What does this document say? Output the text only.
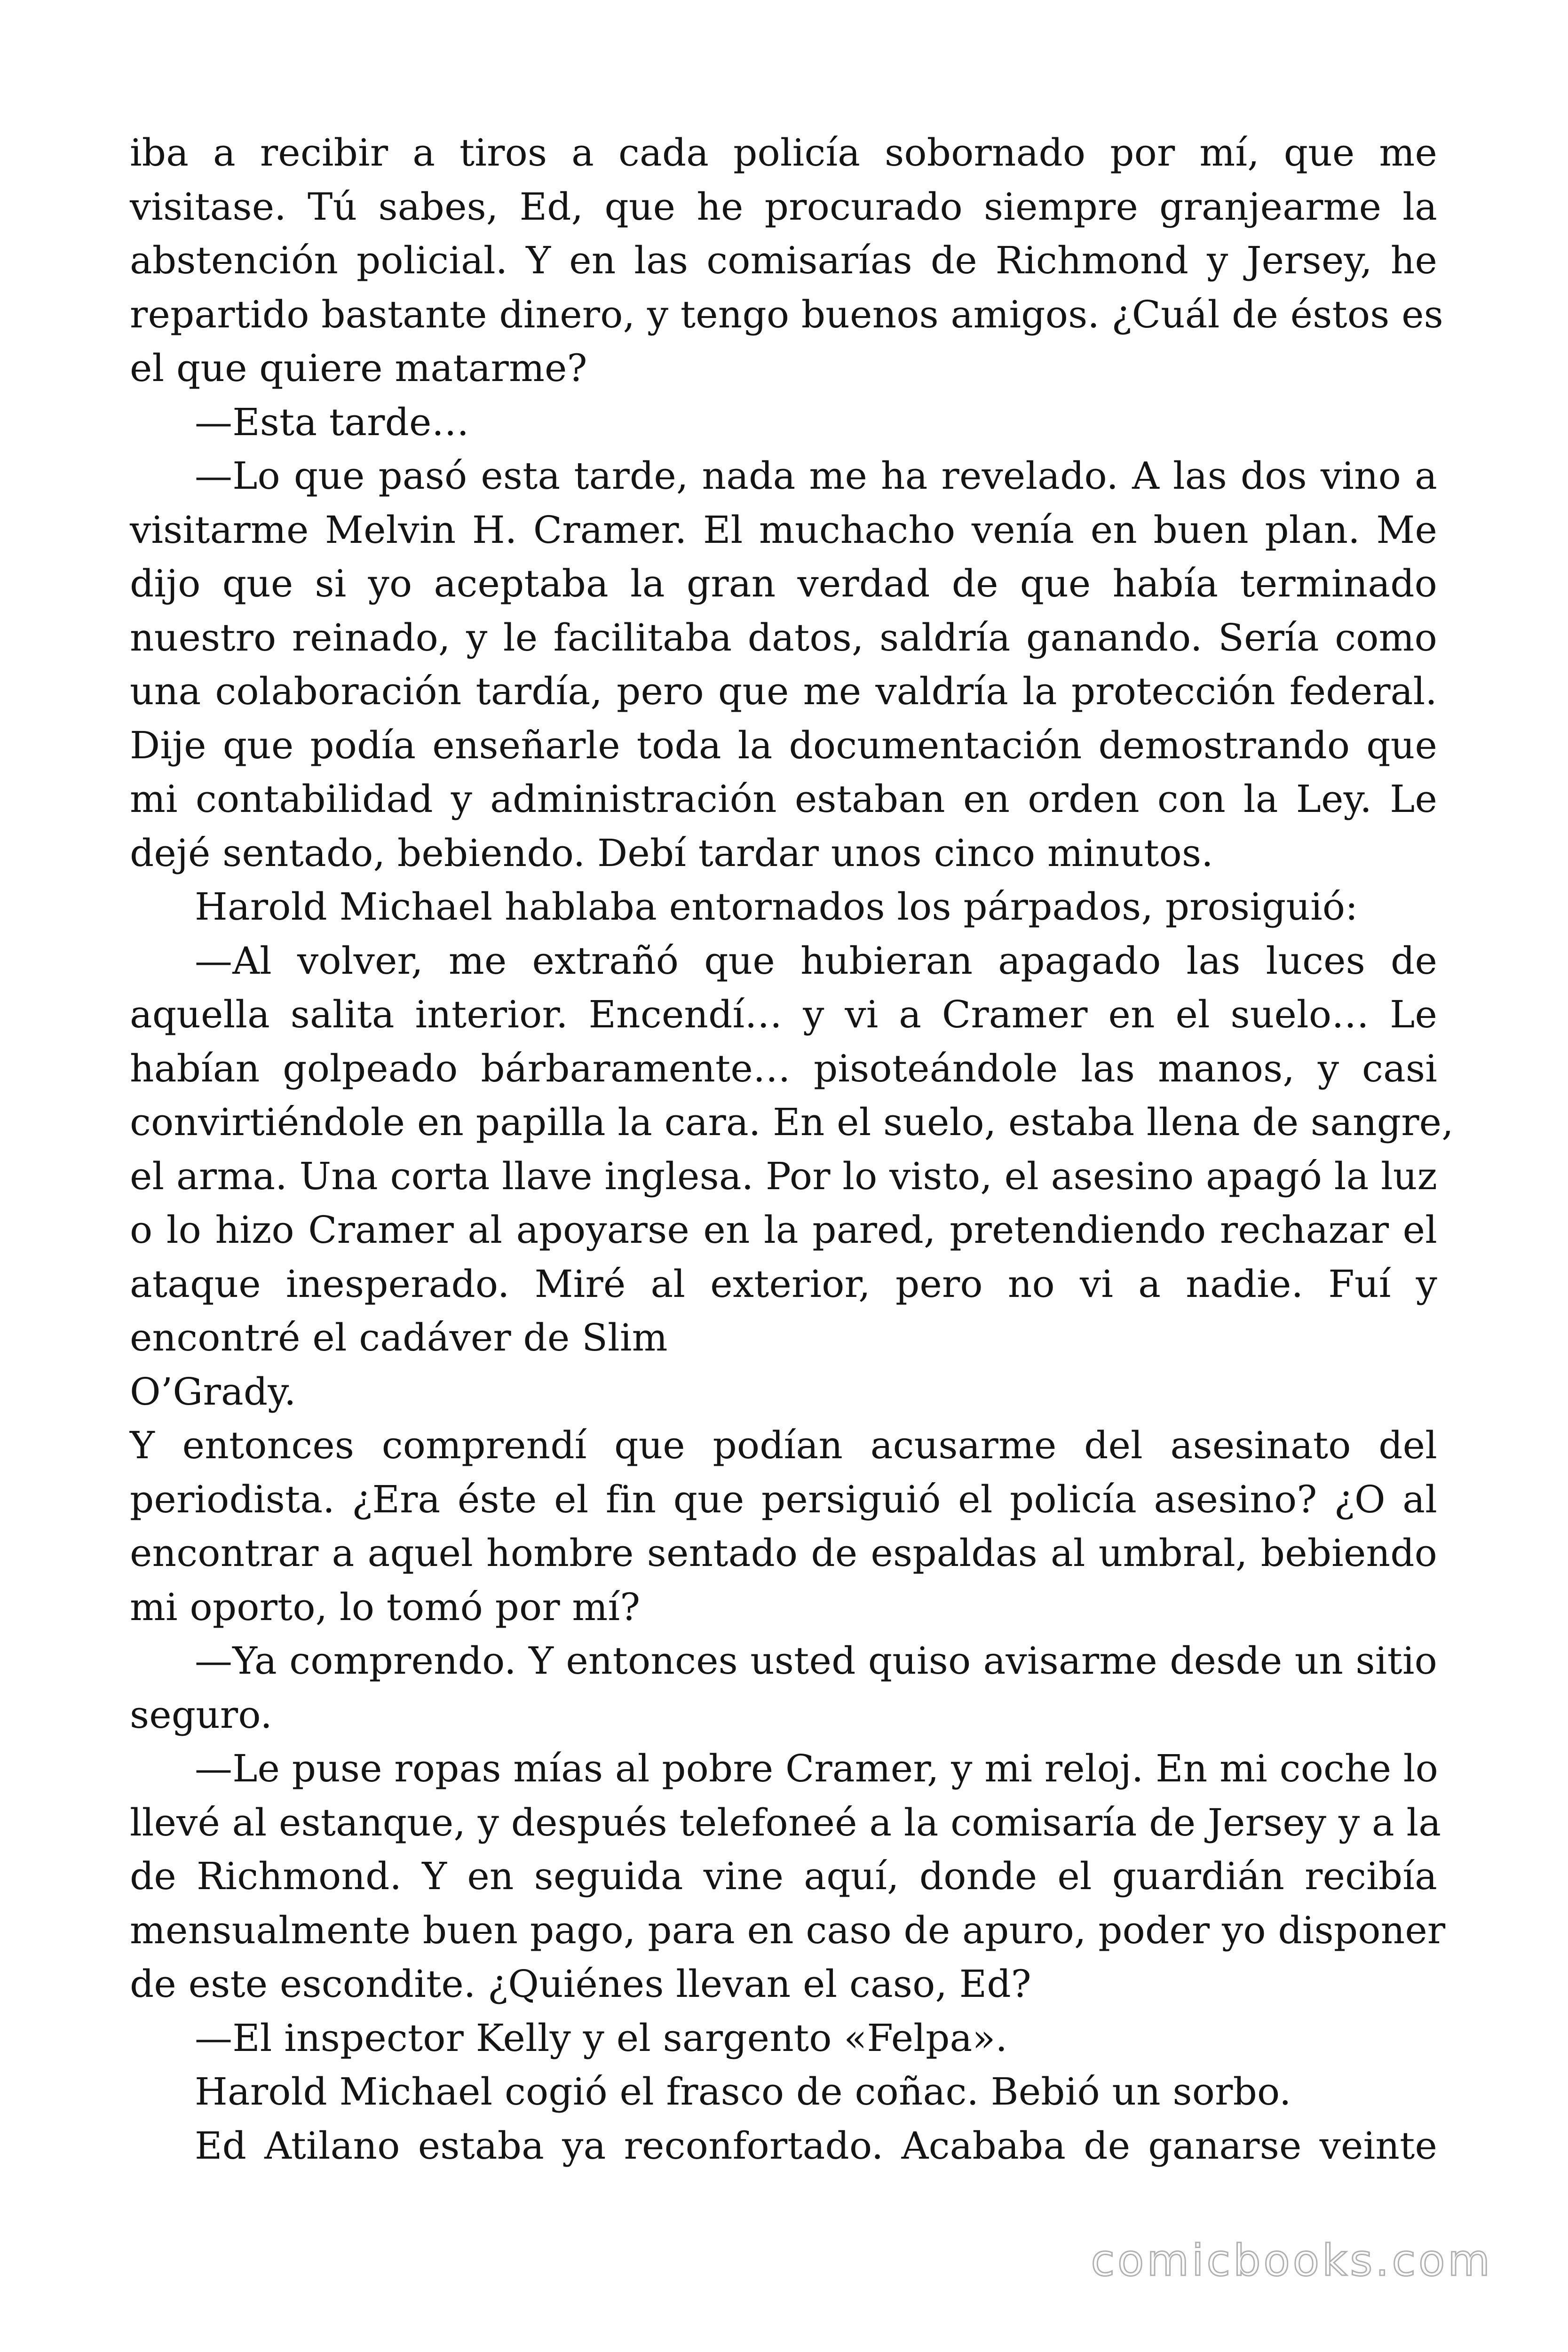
iba a recibir a tiros a cada policía sobornado por mí, que me
visitase. Tú sabes, Ed, que he procurado siempre granjearme la
abstención policial. Y en las comisarías de Richmond y Jersey, he
repartido bastante dinero, y tengo buenos amigos. ¿Cuál de éstos es
el que quiere matarme?
—Esta tarde…
—Lo que pasó esta tarde, nada me ha revelado. A las dos vino a
visitarme Melvin H. Cramer. El muchacho venía en buen plan. Me
dijo que si yo aceptaba la gran verdad de que había terminado
nuestro reinado, y le facilitaba datos, saldría ganando. Sería como
una colaboración tardía, pero que me valdría la protección federal.
Dije que podía enseñarle toda la documentación demostrando que
mi contabilidad y administración estaban en orden con la Ley. Le
dejé sentado, bebiendo. Debí tardar unos cinco minutos.
Harold Michael hablaba entornados los párpados, prosiguió:
—Al volver, me extrañó que hubieran apagado las luces de
aquella salita interior. Encendí… y vi a Cramer en el suelo… Le
habían golpeado bárbaramente… pisoteándole las manos, y casi
convirtiéndole en papilla la cara. En el suelo, estaba llena de sangre,
el arma. Una corta llave inglesa. Por lo visto, el asesino apagó la luz
o lo hizo Cramer al apoyarse en la pared, pretendiendo rechazar el
ataque inesperado. Miré al exterior, pero no vi a nadie. Fuí y
encontré el cadáver de Slim
O’Grady.
Y entonces comprendí que podían acusarme del asesinato del
periodista. ¿Era éste el fin que persiguió el policía asesino? ¿O al
encontrar a aquel hombre sentado de espaldas al umbral, bebiendo
mi oporto, lo tomó por mí?
—Ya comprendo. Y entonces usted quiso avisarme desde un sitio
seguro.
—Le puse ropas mías al pobre Cramer, y mi reloj. En mi coche lo
llevé al estanque, y después telefoneé a la comisaría de Jersey y a la
de Richmond. Y en seguida vine aquí, donde el guardián recibía
mensualmente buen pago, para en caso de apuro, poder yo disponer
de este escondite. ¿Quiénes llevan el caso, Ed?
—El inspector Kelly y el sargento «Felpa».
Harold Michael cogió el frasco de coñac. Bebió un sorbo.
Ed Atilano estaba ya reconfortado. Acababa de ganarse veinte
comicbooks.com
